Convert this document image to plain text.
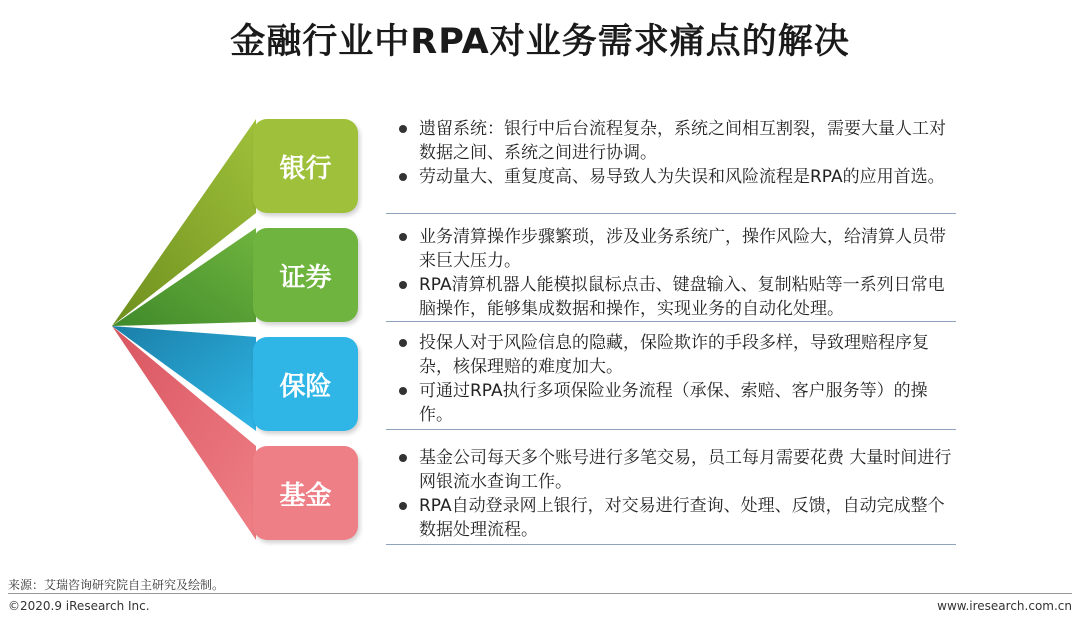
金融行业中RPA对业务需求痛点的解决
银行
证券
保险
基金
遗留系统：银行中后台流程复杂，系统之间相互割裂，需要大量人工对数据之间、系统之间进行协调。
劳动量大、重复度高、易导致人为失误和风险流程是RPA的应用首选。
业务清算操作步骤繁琐，涉及业务系统广，操作风险大，给清算人员带来巨大压力。
RPA清算机器人能模拟鼠标点击、键盘输入、复制粘贴等一系列日常电脑操作，能够集成数据和操作，实现业务的自动化处理。
投保人对于风险信息的隐藏，保险欺诈的手段多样，导致理赔程序复杂，核保理赔的难度加大。
可通过RPA执行多项保险业务流程（承保、索赔、客户服务等）的操作。
基金公司每天多个账号进行多笔交易，员工每月需要花费 大量时间进行网银流水查询工作。
RPA自动登录网上银行，对交易进行查询、处理、反馈，自动完成整个数据处理流程。
来源：艾瑞咨询研究院自主研究及绘制。
©2020.9 iResearch Inc.	www.iresearch.com.cn
